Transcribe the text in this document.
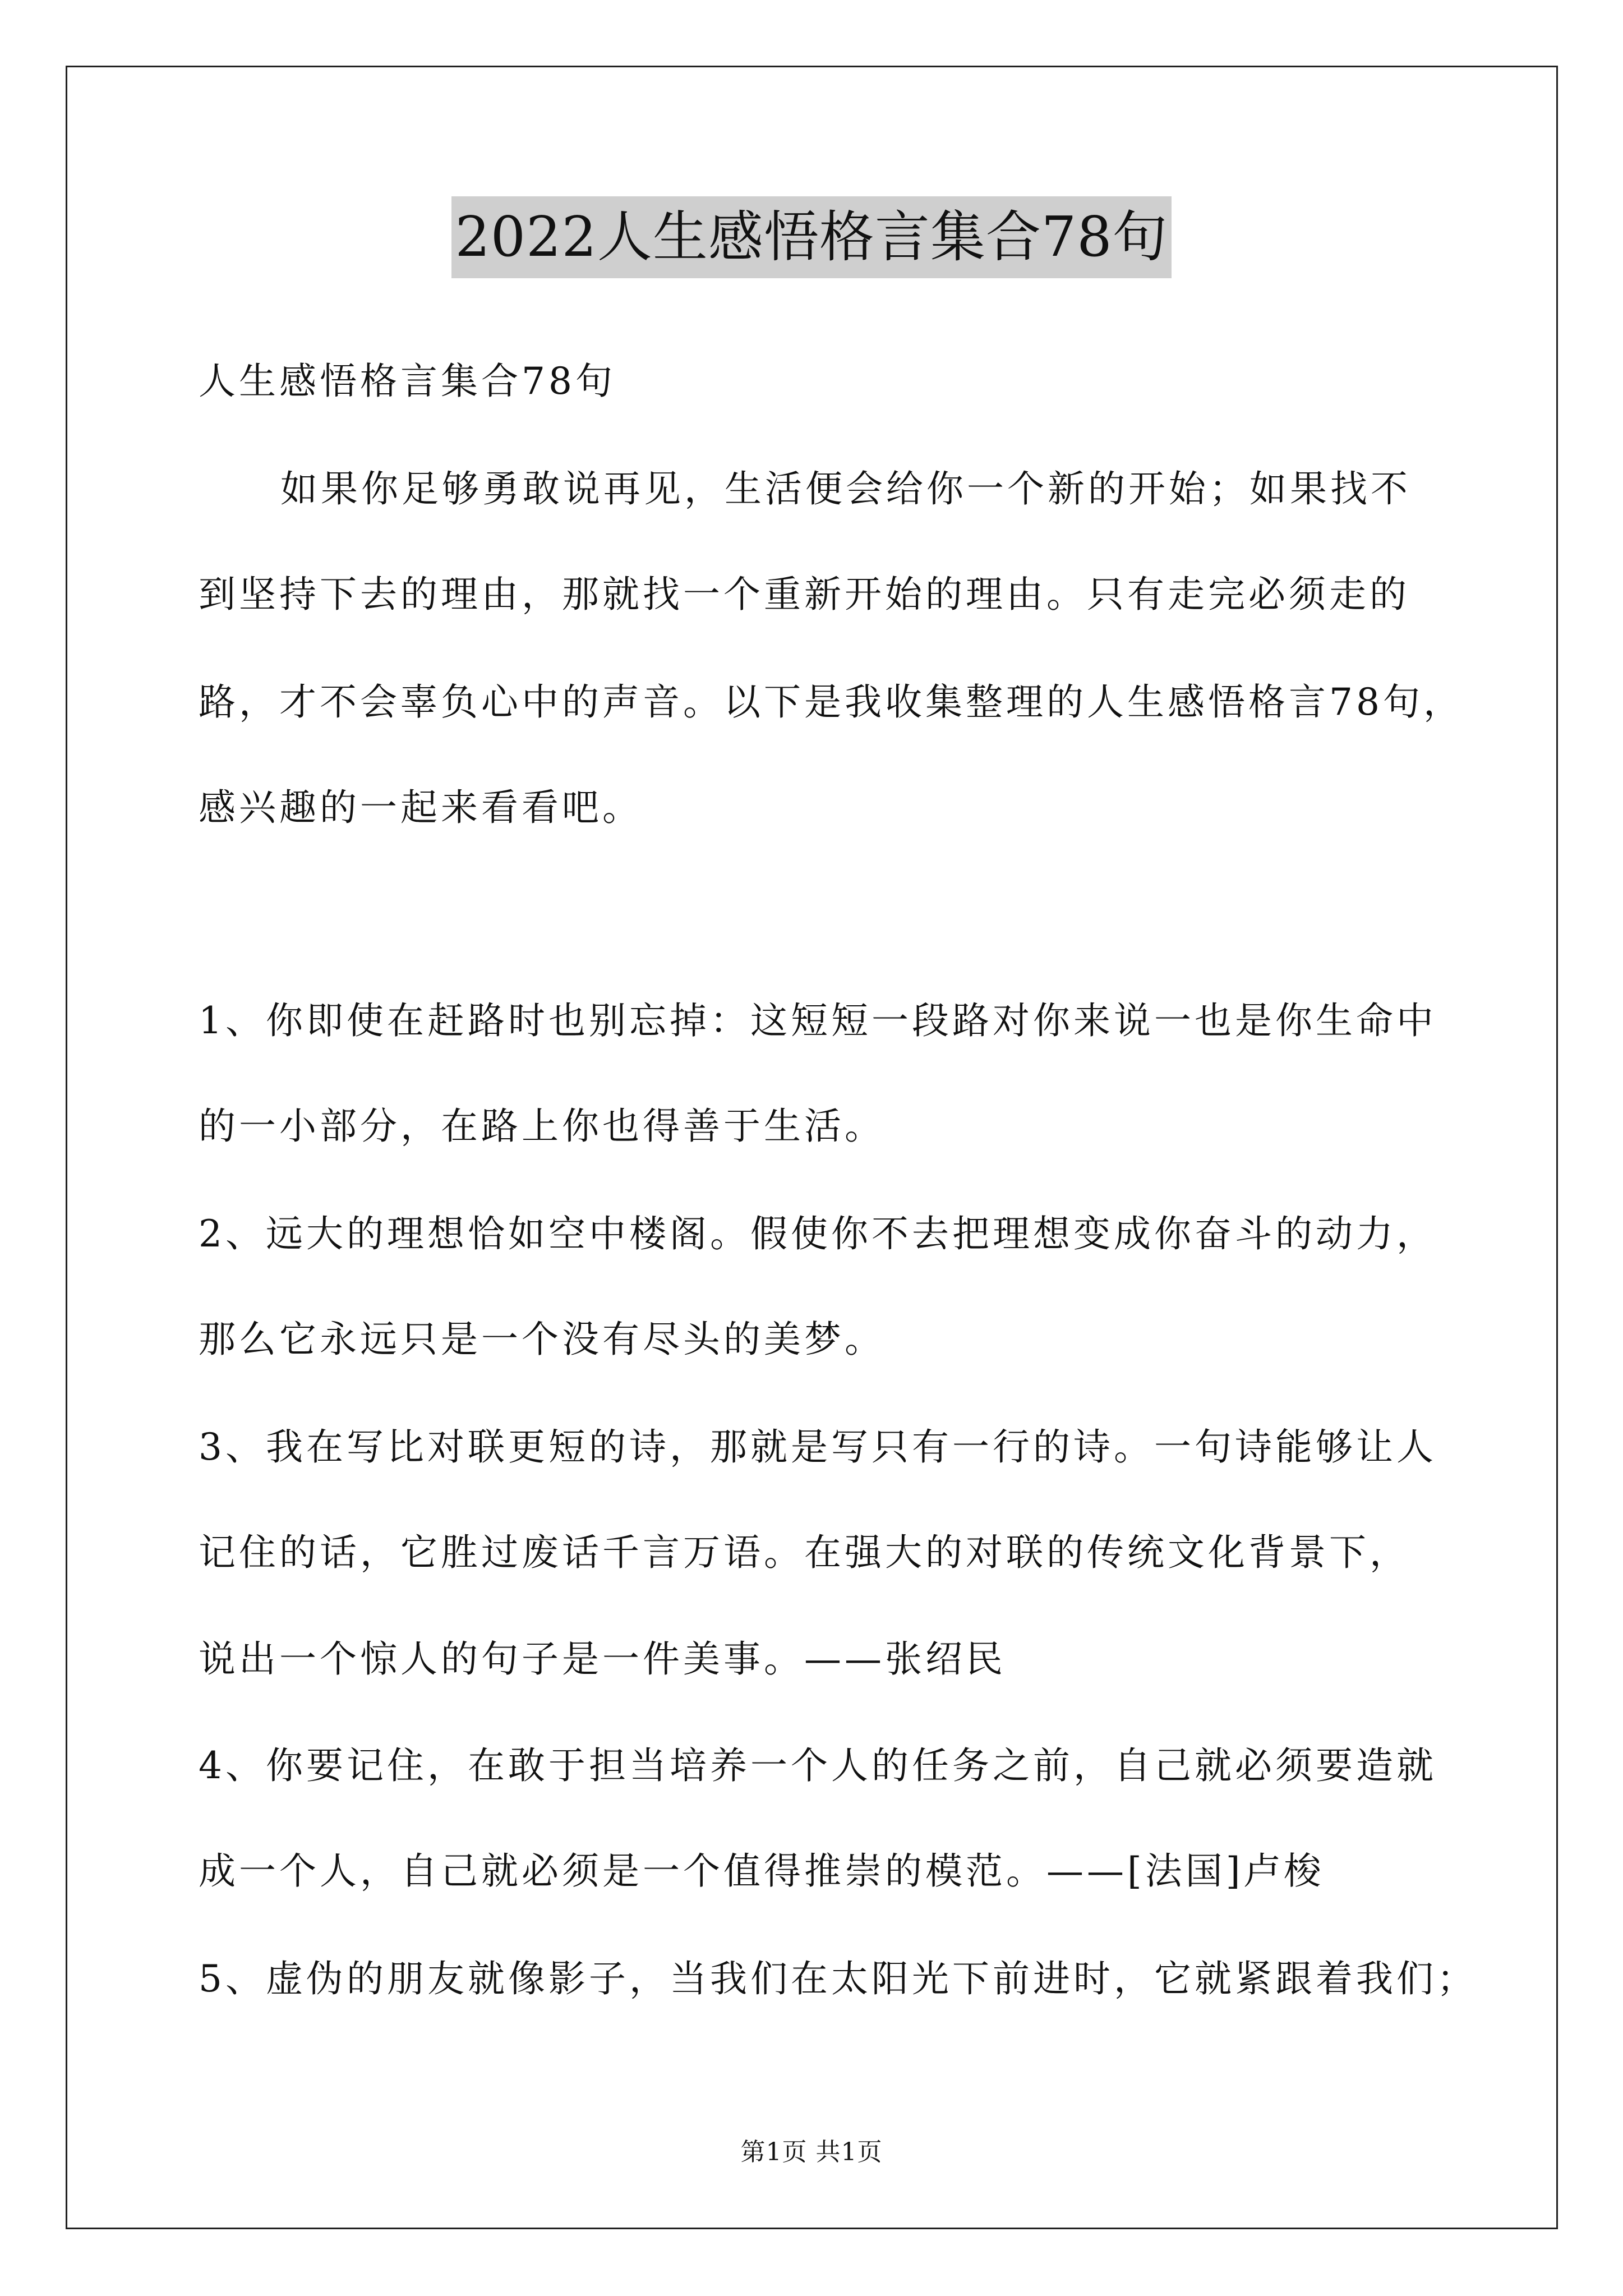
2022人生感悟格言集合78句
人生感悟格言集合78句
如果你足够勇敢说再见，生活便会给你一个新的开始；如果找不
到坚持下去的理由，那就找一个重新开始的理由。只有走完必须走的
路，才不会辜负心中的声音。以下是我收集整理的人生感悟格言78句，
感兴趣的一起来看看吧。
1、你即使在赶路时也别忘掉：这短短一段路对你来说一也是你生命中
的一小部分，在路上你也得善于生活。
2、远大的理想恰如空中楼阁。假使你不去把理想变成你奋斗的动力，
那么它永远只是一个没有尽头的美梦。
3、我在写比对联更短的诗，那就是写只有一行的诗。一句诗能够让人
记住的话，它胜过废话千言万语。在强大的对联的传统文化背景下，
说出一个惊人的句子是一件美事。——张绍民
4、你要记住，在敢于担当培养一个人的任务之前，自己就必须要造就
成一个人，自己就必须是一个值得推崇的模范。——[法国]卢梭
5、虚伪的朋友就像影子，当我们在太阳光下前进时，它就紧跟着我们；
第1页 共1页
